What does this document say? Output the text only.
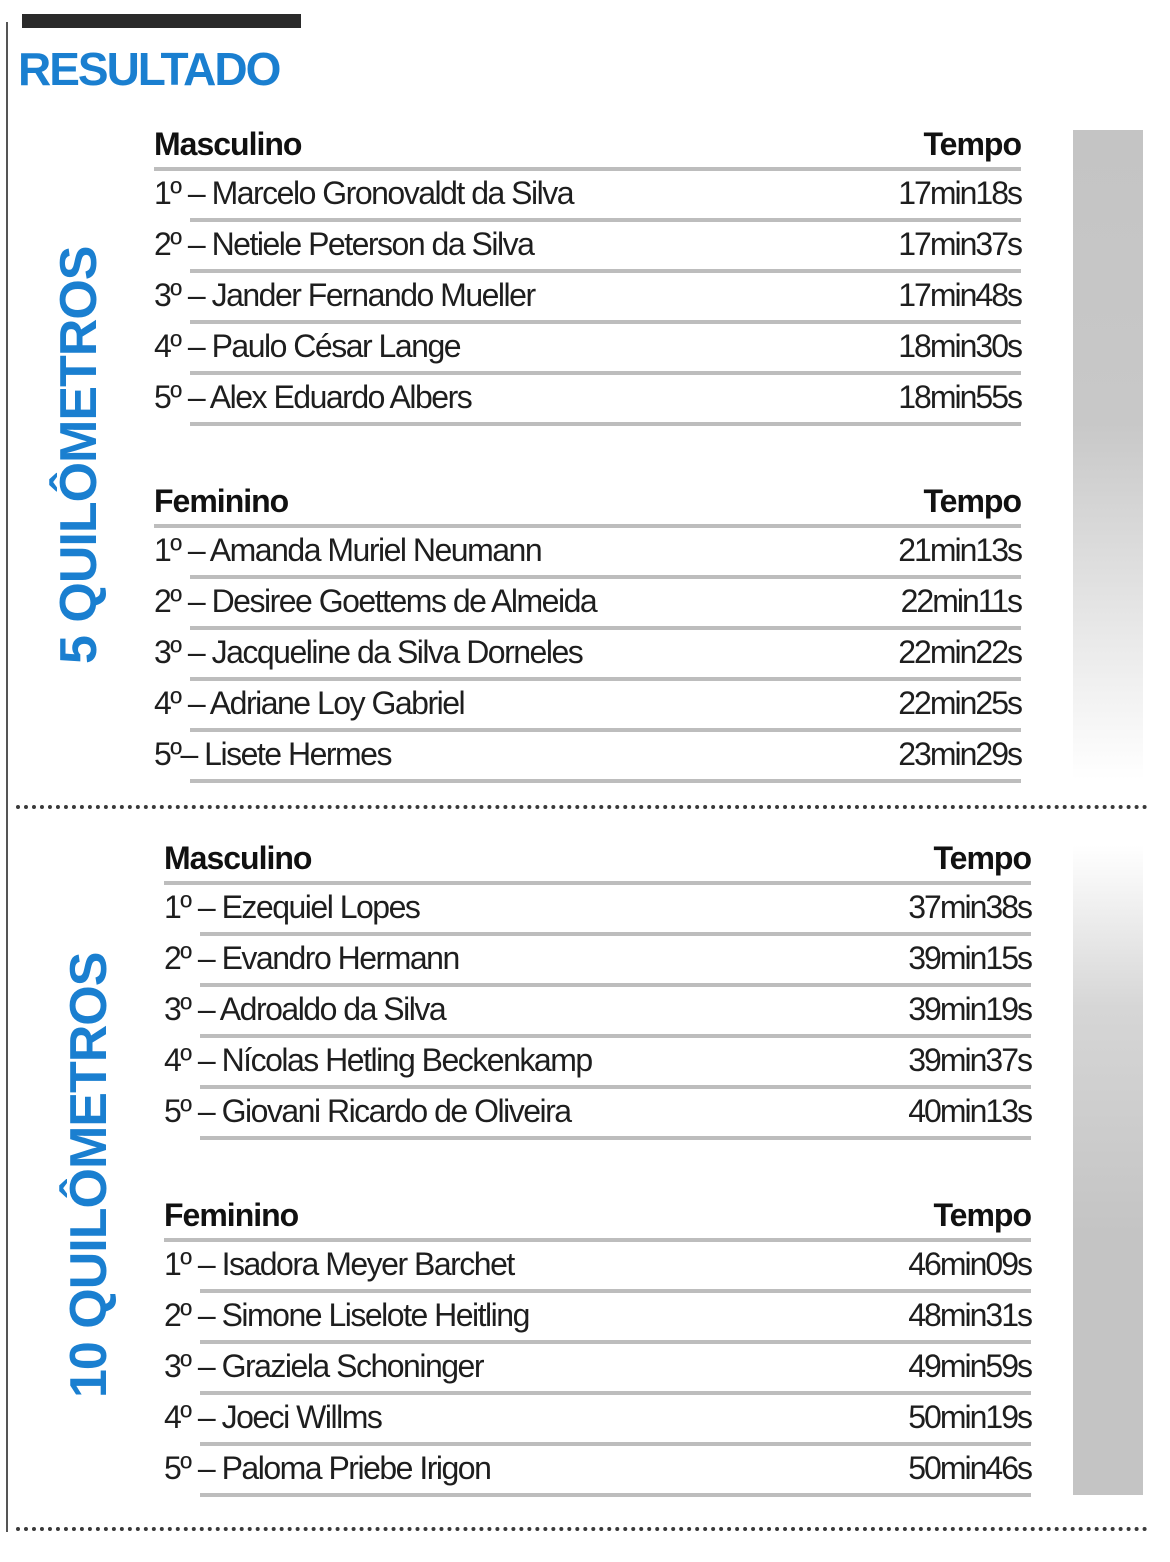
RESULTADO
5 QUILÔMETROS
Masculino	Tempo
1º – Marcelo Gronovaldt da Silva	17min18s
2º – Netiele Peterson da Silva	17min37s
3º – Jander Fernando Mueller	17min48s
4º – Paulo César Lange	18min30s
5º – Alex Eduardo Albers	18min55s
Feminino	Tempo
1º – Amanda Muriel Neumann	21min13s
2º – Desiree Goettems de Almeida	22min11s
3º – Jacqueline da Silva Dorneles	22min22s
4º – Adriane Loy Gabriel	22min25s
5º– Lisete Hermes	23min29s
10 QUILÔMETROS
Masculino	Tempo
1º – Ezequiel Lopes	37min38s
2º – Evandro Hermann	39min15s
3º – Adroaldo da Silva	39min19s
4º – Nícolas Hetling Beckenkamp	39min37s
5º – Giovani Ricardo de Oliveira	40min13s
Feminino	Tempo
1º – Isadora Meyer Barchet	46min09s
2º – Simone Liselote Heitling	48min31s
3º – Graziela Schoninger	49min59s
4º – Joeci Willms	50min19s
5º – Paloma Priebe Irigon	50min46s
